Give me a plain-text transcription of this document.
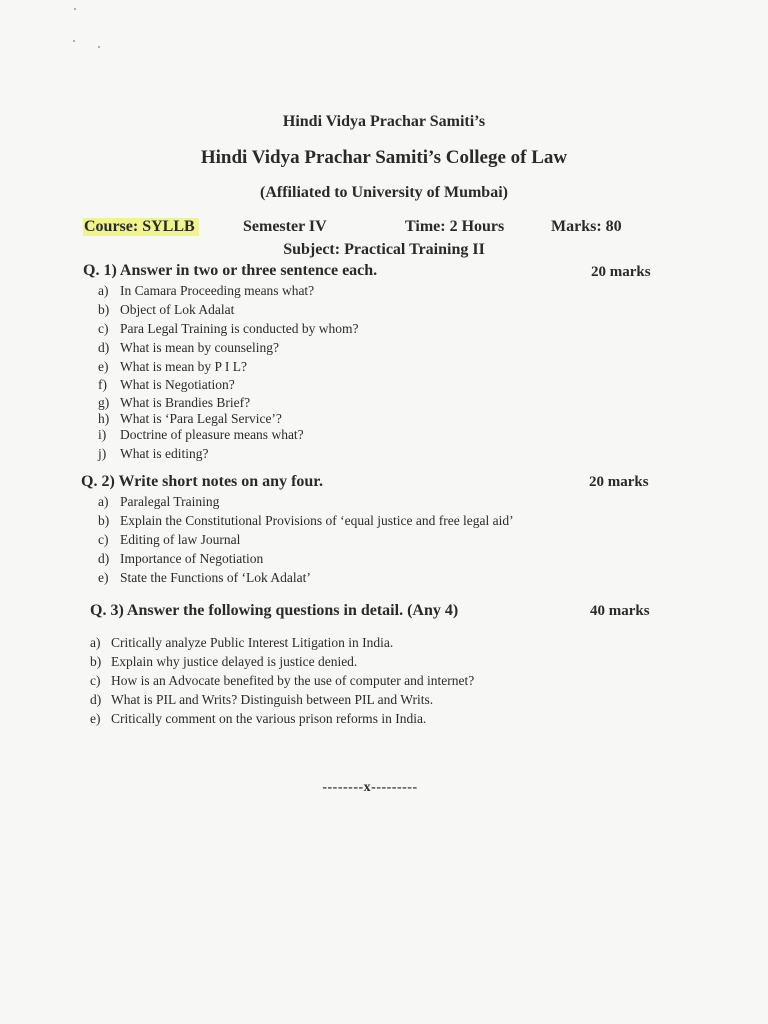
Hindi Vidya Prachar Samiti’s
Hindi Vidya Prachar Samiti’s College of Law
(Affiliated to University of Mumbai)
Course: SYLLB	Semester IV	Time: 2 Hours	Marks: 80
Subject: Practical Training II
Q. 1) Answer in two or three sentence each.	20 marks
a) In Camara Proceeding means what?
b) Object of Lok Adalat
c) Para Legal Training is conducted by whom?
d) What is mean by counseling?
e) What is mean by P I L?
f) What is Negotiation?
g) What is Brandies Brief?
h) What is ‘Para Legal Service’?
i) Doctrine of pleasure means what?
j) What is editing?
Q. 2) Write short notes on any four.	20 marks
a) Paralegal Training
b) Explain the Constitutional Provisions of ‘equal justice and free legal aid’
c) Editing of law Journal
d) Importance of Negotiation
e) State the Functions of ‘Lok Adalat’
Q. 3) Answer the following questions in detail. (Any 4)	40 marks
a) Critically analyze Public Interest Litigation in India.
b) Explain why justice delayed is justice denied.
c) How is an Advocate benefited by the use of computer and internet?
d) What is PIL and Writs? Distinguish between PIL and Writs.
e) Critically comment on the various prison reforms in India.
--------x---------
